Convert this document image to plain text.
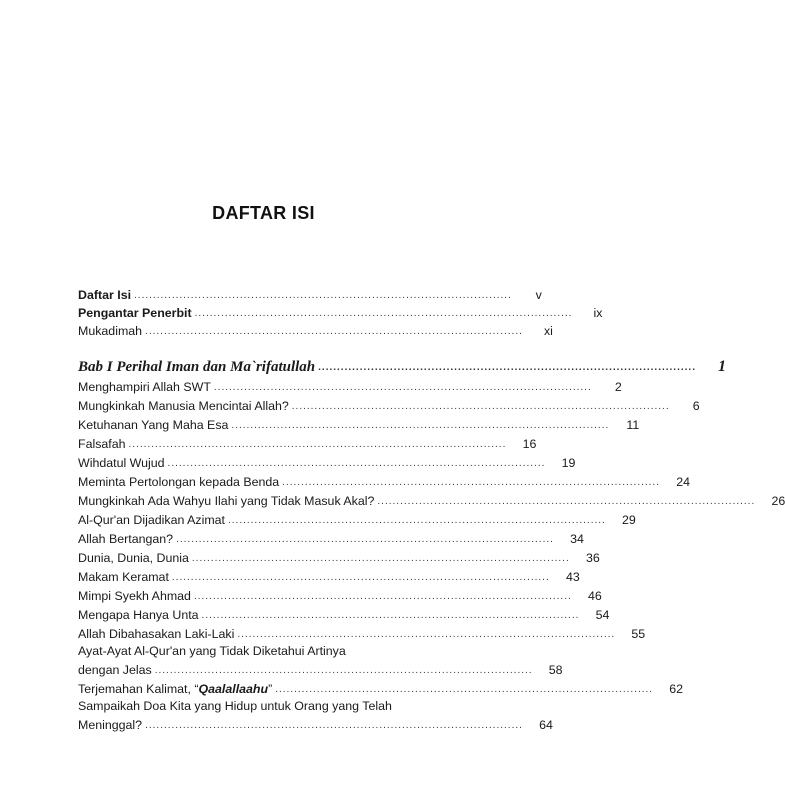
DAFTAR ISI
Daftar Isi ....................................................................................................	v
Pengantar Penerbit ....................................................................................................	ix
Mukadimah ....................................................................................................	xi
Bab I Perihal Iman dan Ma`rifatullah ....................................................................................................	1
Menghampiri Allah SWT ....................................................................................................	2
Mungkinkah Manusia Mencintai Allah? ....................................................................................................	6
Ketuhanan Yang Maha Esa ....................................................................................................	11
Falsafah ....................................................................................................	16
Wihdatul Wujud ....................................................................................................	19
Meminta Pertolongan kepada Benda ....................................................................................................	24
Mungkinkah Ada Wahyu Ilahi yang Tidak Masuk Akal? ....................................................................................................	26
Al-Qur'an Dijadikan Azimat ....................................................................................................	29
Allah Bertangan? ....................................................................................................	34
Dunia, Dunia, Dunia ....................................................................................................	36
Makam Keramat ....................................................................................................	43
Mimpi Syekh Ahmad ....................................................................................................	46
Mengapa Hanya Unta ....................................................................................................	54
Allah Dibahasakan Laki-Laki ....................................................................................................	55
Ayat-Ayat Al-Qur'an yang Tidak Diketahui Artinya
dengan Jelas ....................................................................................................	58
Terjemahan Kalimat, “Qaalallaahu” ....................................................................................................	62
Sampaikah Doa Kita yang Hidup untuk Orang yang Telah
Meninggal? ....................................................................................................	64
